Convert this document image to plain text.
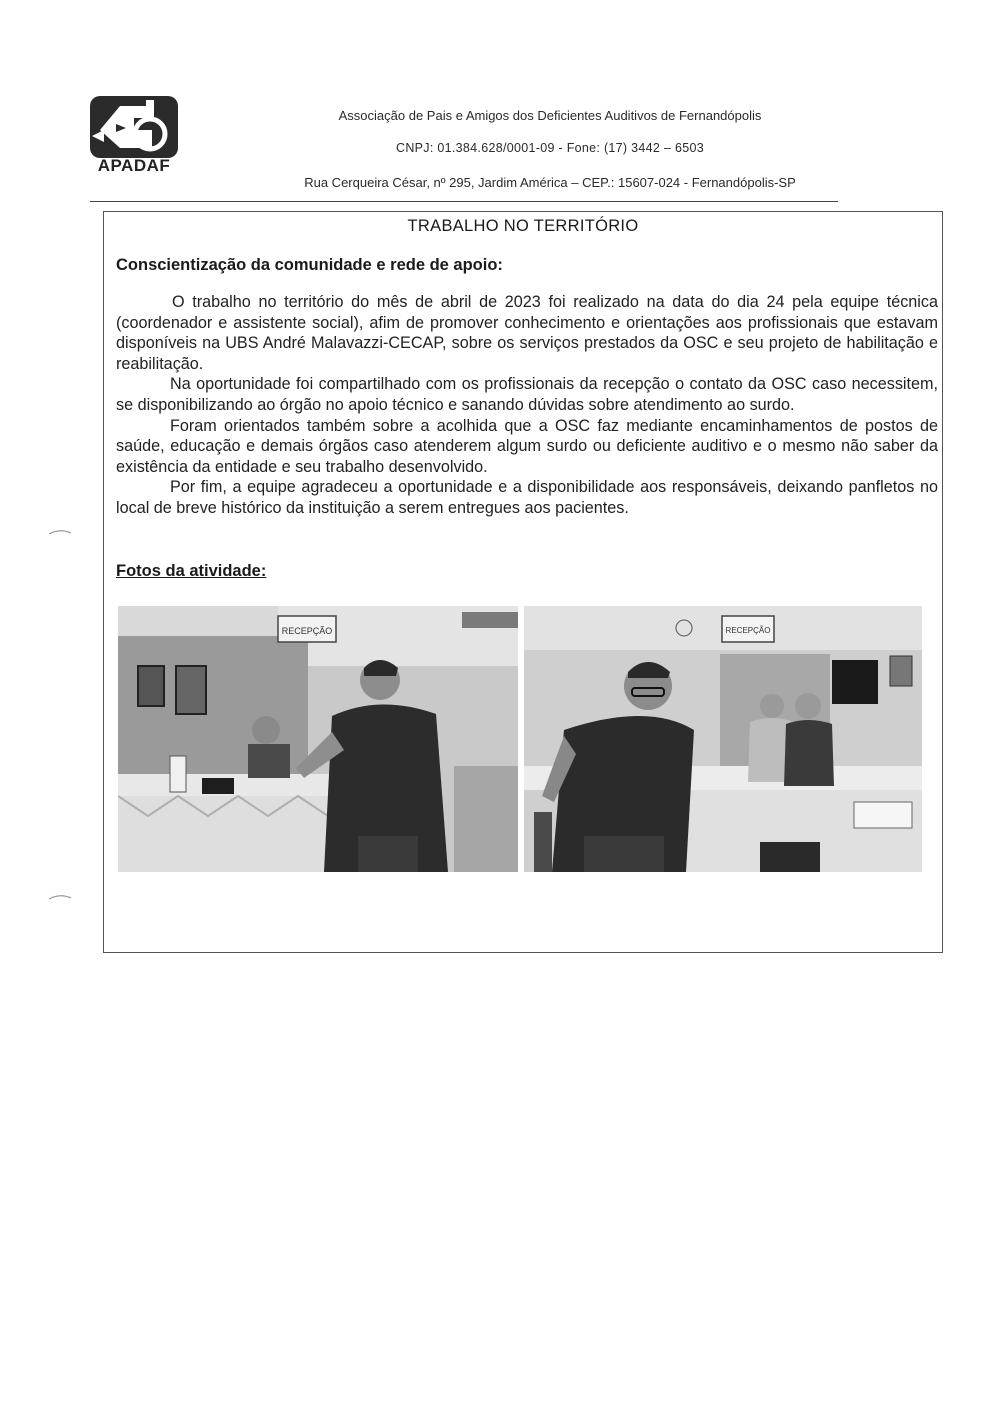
APADAF
Associação de Pais e Amigos dos Deficientes Auditivos de Fernandópolis
CNPJ: 01.384.628/0001-09 - Fone: (17) 3442 – 6503
Rua Cerqueira César, nº 295, Jardim América – CEP.: 15607-024 - Fernandópolis-SP
TRABALHO NO TERRITÓRIO
Conscientização da comunidade e rede de apoio:

O trabalho no território do mês de abril de 2023 foi realizado na data do dia 24 pela equipe técnica (coordenador e assistente social), afim de promover conhecimento e orientações aos profissionais que estavam disponíveis na UBS André Malavazzi-CECAP, sobre os serviços prestados da OSC e seu projeto de habilitação e reabilitação.

Na oportunidade foi compartilhado com os profissionais da recepção o contato da OSC caso necessitem, se disponibilizando ao órgão no apoio técnico e sanando dúvidas sobre atendimento ao surdo.

Foram orientados também sobre a acolhida que a OSC faz mediante encaminhamentos de postos de saúde, educação e demais órgãos caso atenderem algum surdo ou deficiente auditivo e o mesmo não saber da existência da entidade e seu trabalho desenvolvido.

Por fim, a equipe agradeceu a oportunidade e a disponibilidade aos responsáveis, deixando panfletos no local de breve histórico da instituição a serem entregues aos pacientes.

Fotos da atividade:
RECEPÇÃO	RECEPÇÃO
